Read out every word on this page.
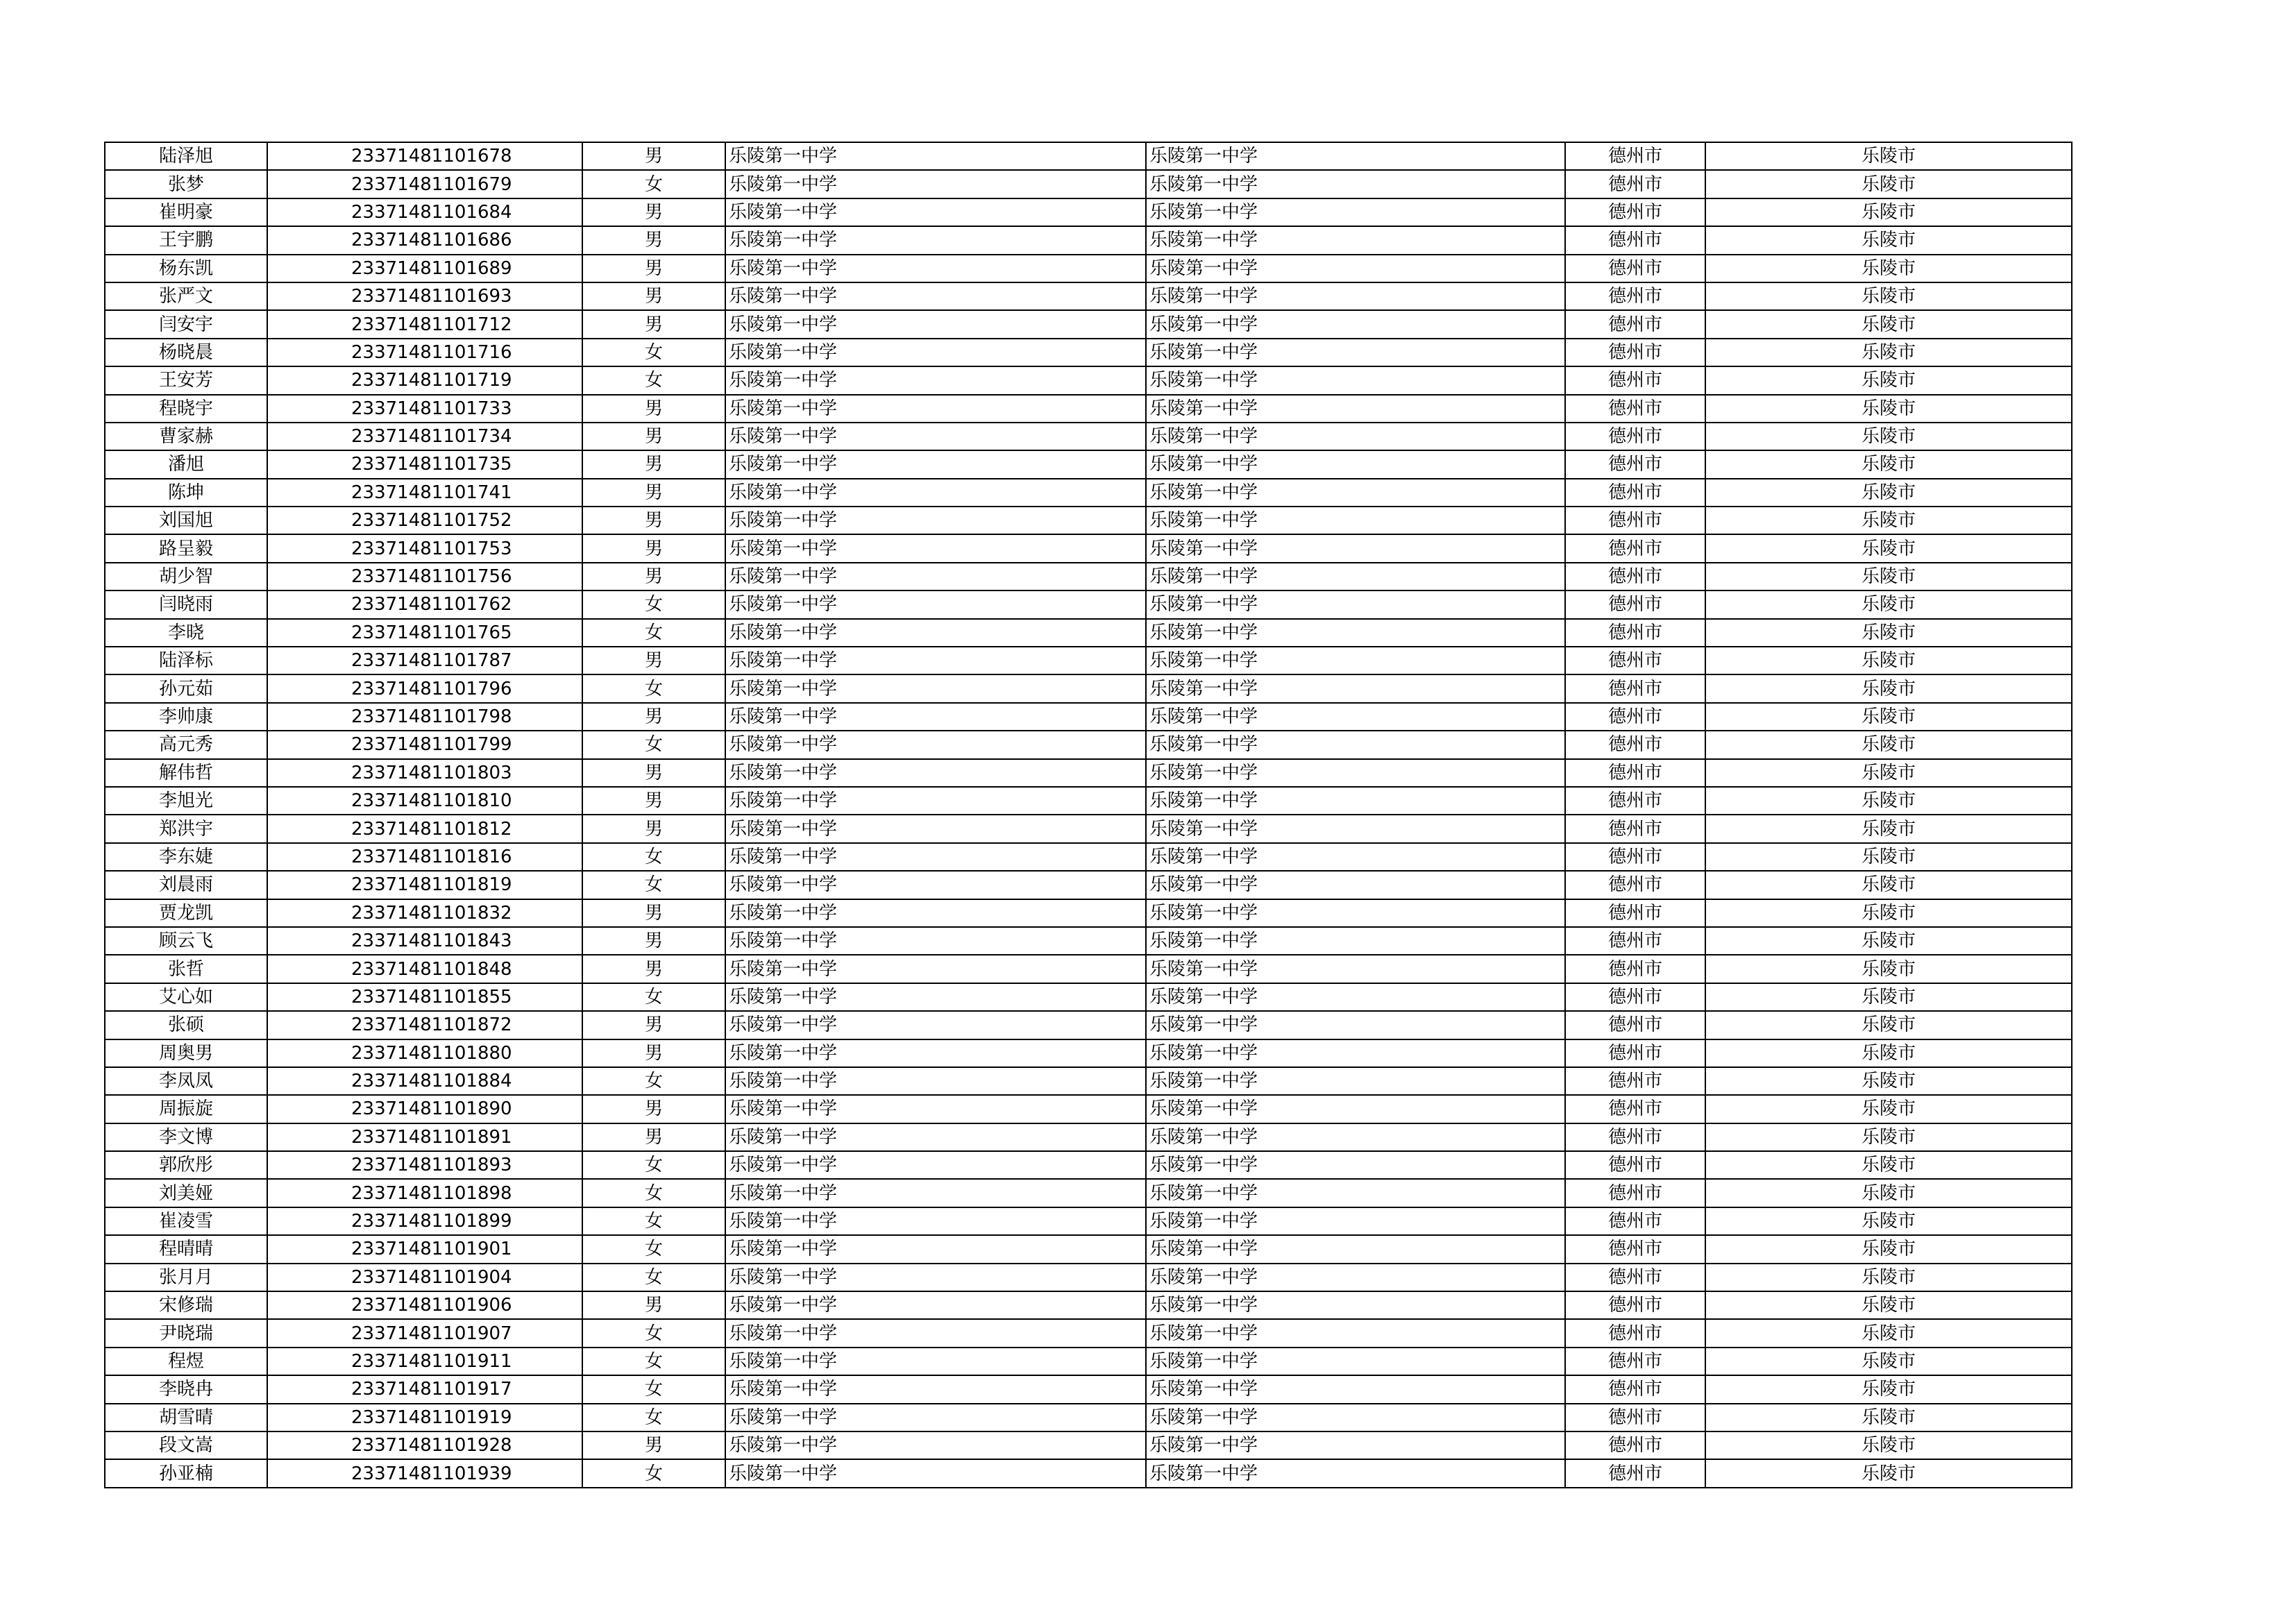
陆泽旭	23371481101678	男	乐陵第一中学	乐陵第一中学	德州市	乐陵市
张梦	23371481101679	女	乐陵第一中学	乐陵第一中学	德州市	乐陵市
崔明豪	23371481101684	男	乐陵第一中学	乐陵第一中学	德州市	乐陵市
王宇鹏	23371481101686	男	乐陵第一中学	乐陵第一中学	德州市	乐陵市
杨东凯	23371481101689	男	乐陵第一中学	乐陵第一中学	德州市	乐陵市
张严文	23371481101693	男	乐陵第一中学	乐陵第一中学	德州市	乐陵市
闫安宇	23371481101712	男	乐陵第一中学	乐陵第一中学	德州市	乐陵市
杨晓晨	23371481101716	女	乐陵第一中学	乐陵第一中学	德州市	乐陵市
王安芳	23371481101719	女	乐陵第一中学	乐陵第一中学	德州市	乐陵市
程晓宇	23371481101733	男	乐陵第一中学	乐陵第一中学	德州市	乐陵市
曹家赫	23371481101734	男	乐陵第一中学	乐陵第一中学	德州市	乐陵市
潘旭	23371481101735	男	乐陵第一中学	乐陵第一中学	德州市	乐陵市
陈坤	23371481101741	男	乐陵第一中学	乐陵第一中学	德州市	乐陵市
刘国旭	23371481101752	男	乐陵第一中学	乐陵第一中学	德州市	乐陵市
路呈毅	23371481101753	男	乐陵第一中学	乐陵第一中学	德州市	乐陵市
胡少智	23371481101756	男	乐陵第一中学	乐陵第一中学	德州市	乐陵市
闫晓雨	23371481101762	女	乐陵第一中学	乐陵第一中学	德州市	乐陵市
李晓	23371481101765	女	乐陵第一中学	乐陵第一中学	德州市	乐陵市
陆泽标	23371481101787	男	乐陵第一中学	乐陵第一中学	德州市	乐陵市
孙元茹	23371481101796	女	乐陵第一中学	乐陵第一中学	德州市	乐陵市
李帅康	23371481101798	男	乐陵第一中学	乐陵第一中学	德州市	乐陵市
高元秀	23371481101799	女	乐陵第一中学	乐陵第一中学	德州市	乐陵市
解伟哲	23371481101803	男	乐陵第一中学	乐陵第一中学	德州市	乐陵市
李旭光	23371481101810	男	乐陵第一中学	乐陵第一中学	德州市	乐陵市
郑洪宇	23371481101812	男	乐陵第一中学	乐陵第一中学	德州市	乐陵市
李东婕	23371481101816	女	乐陵第一中学	乐陵第一中学	德州市	乐陵市
刘晨雨	23371481101819	女	乐陵第一中学	乐陵第一中学	德州市	乐陵市
贾龙凯	23371481101832	男	乐陵第一中学	乐陵第一中学	德州市	乐陵市
顾云飞	23371481101843	男	乐陵第一中学	乐陵第一中学	德州市	乐陵市
张哲	23371481101848	男	乐陵第一中学	乐陵第一中学	德州市	乐陵市
艾心如	23371481101855	女	乐陵第一中学	乐陵第一中学	德州市	乐陵市
张硕	23371481101872	男	乐陵第一中学	乐陵第一中学	德州市	乐陵市
周奥男	23371481101880	男	乐陵第一中学	乐陵第一中学	德州市	乐陵市
李凤凤	23371481101884	女	乐陵第一中学	乐陵第一中学	德州市	乐陵市
周振旋	23371481101890	男	乐陵第一中学	乐陵第一中学	德州市	乐陵市
李文博	23371481101891	男	乐陵第一中学	乐陵第一中学	德州市	乐陵市
郭欣彤	23371481101893	女	乐陵第一中学	乐陵第一中学	德州市	乐陵市
刘美娅	23371481101898	女	乐陵第一中学	乐陵第一中学	德州市	乐陵市
崔凌雪	23371481101899	女	乐陵第一中学	乐陵第一中学	德州市	乐陵市
程晴晴	23371481101901	女	乐陵第一中学	乐陵第一中学	德州市	乐陵市
张月月	23371481101904	女	乐陵第一中学	乐陵第一中学	德州市	乐陵市
宋修瑞	23371481101906	男	乐陵第一中学	乐陵第一中学	德州市	乐陵市
尹晓瑞	23371481101907	女	乐陵第一中学	乐陵第一中学	德州市	乐陵市
程煜	23371481101911	女	乐陵第一中学	乐陵第一中学	德州市	乐陵市
李晓冉	23371481101917	女	乐陵第一中学	乐陵第一中学	德州市	乐陵市
胡雪晴	23371481101919	女	乐陵第一中学	乐陵第一中学	德州市	乐陵市
段文嵩	23371481101928	男	乐陵第一中学	乐陵第一中学	德州市	乐陵市
孙亚楠	23371481101939	女	乐陵第一中学	乐陵第一中学	德州市	乐陵市
